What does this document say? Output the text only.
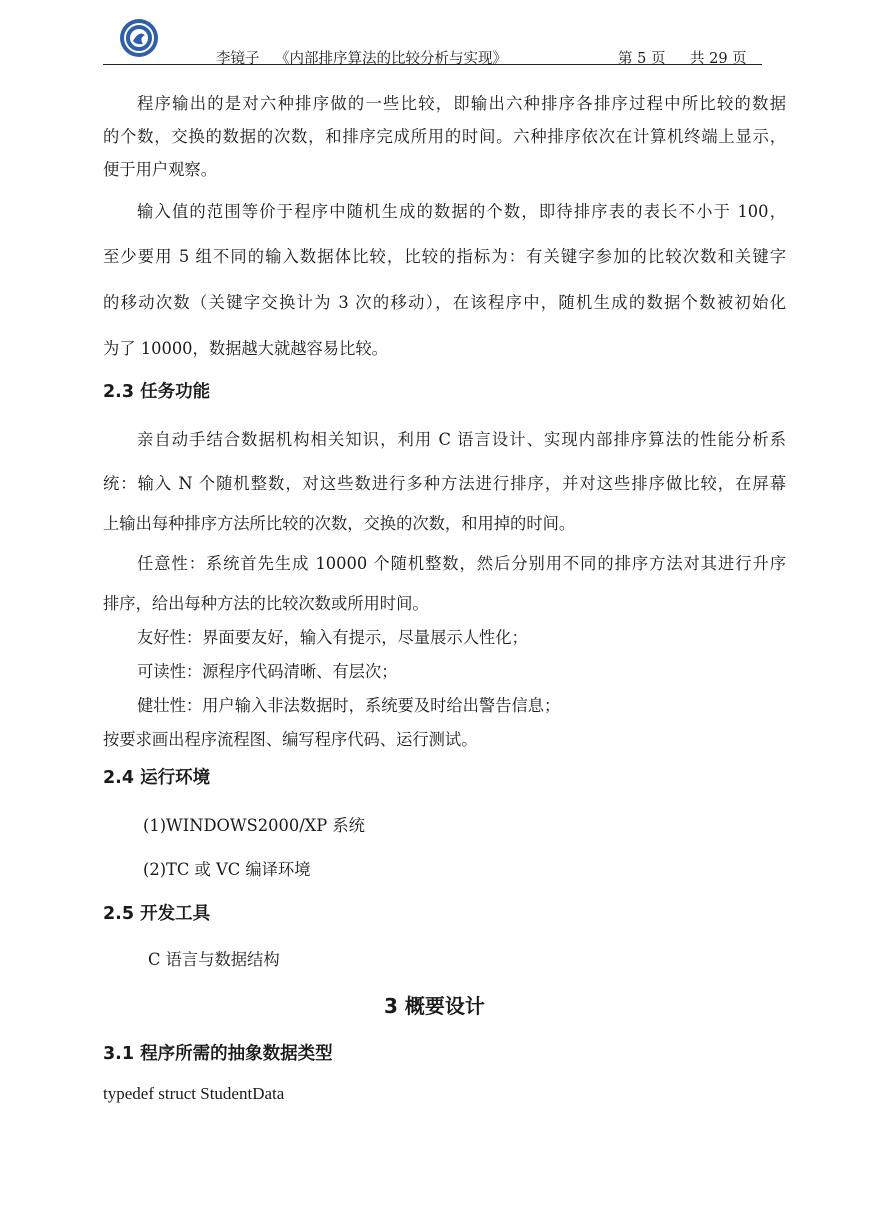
李镜子 《内部排序算法的比较分析与实现》	第 5 页 共 29 页
程序输出的是对六种排序做的一些比较，即输出六种排序各排序过程中所比较的数据
的个数，交换的数据的次数，和排序完成所用的时间。六种排序依次在计算机终端上显示，
便于用户观察。
输入值的范围等价于程序中随机生成的数据的个数，即待排序表的表长不小于 100，
至少要用 5 组不同的输入数据体比较，比较的指标为：有关键字参加的比较次数和关键字
的移动次数（关键字交换计为 3 次的移动），在该程序中，随机生成的数据个数被初始化
为了 10000，数据越大就越容易比较。
2.3 任务功能
亲自动手结合数据机构相关知识，利用 C 语言设计、实现内部排序算法的性能分析系
统：输入 N 个随机整数，对这些数进行多种方法进行排序，并对这些排序做比较，在屏幕
上输出每种排序方法所比较的次数，交换的次数，和用掉的时间。
任意性：系统首先生成 10000 个随机整数，然后分别用不同的排序方法对其进行升序
排序，给出每种方法的比较次数或所用时间。
友好性：界面要友好，输入有提示，尽量展示人性化；
可读性：源程序代码清晰、有层次；
健壮性：用户输入非法数据时，系统要及时给出警告信息；
按要求画出程序流程图、编写程序代码、运行测试。
2.4 运行环境
(1)WINDOWS2000/XP 系统
(2)TC 或 VC 编译环境
2.5 开发工具
C 语言与数据结构
3 概要设计
3.1 程序所需的抽象数据类型
typedef struct StudentData
